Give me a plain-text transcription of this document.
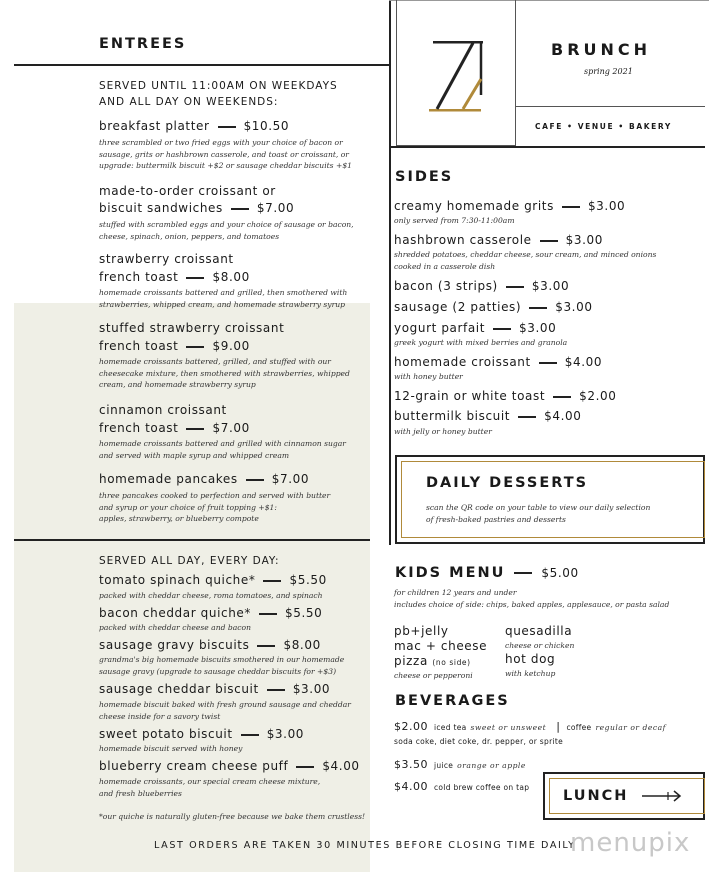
BRUNCH
spring 2021
CAFE • VENUE • BAKERY
ENTREES
SERVED UNTIL 11:00AM ON WEEKDAYS
AND ALL DAY ON WEEKENDS:
breakfast platter	$10.50
three scrambled or two fried eggs with your choice of bacon or
sausage, grits or hashbrown casserole, and toast or croissant, or
upgrade: buttermilk biscuit +$2 or sausage cheddar biscuits +$1
made-to-order croissant or
biscuit sandwiches	$7.00
stuffed with scrambled eggs and your choice of sausage or bacon,
cheese, spinach, onion, peppers, and tomatoes
strawberry croissant
french toast	$8.00
homemade croissants battered and grilled, then smothered with
strawberries, whipped cream, and homemade strawberry syrup
stuffed strawberry croissant
french toast	$9.00
homemade croissants battered, grilled, and stuffed with our
cheesecake mixture, then smothered with strawberries, whipped
cream, and homemade strawberry syrup
cinnamon croissant
french toast	$7.00
homemade croissants battered and grilled with cinnamon sugar
and served with maple syrup and whipped cream
homemade pancakes	$7.00
three pancakes cooked to perfection and served with butter
and syrup or your choice of fruit topping +$1:
apples, strawberry, or blueberry compote
SERVED ALL DAY, EVERY DAY:
tomato spinach quiche*	$5.50
packed with cheddar cheese, roma tomatoes, and spinach
bacon cheddar quiche*	$5.50
packed with cheddar cheese and bacon
sausage gravy biscuits	$8.00
grandma's big homemade biscuits smothered in our homemade
sausage gravy (upgrade to sausage cheddar biscuits for +$3)
sausage cheddar biscuit	$3.00
homemade biscuit baked with fresh ground sausage and cheddar
cheese inside for a savory twist
sweet potato biscuit	$3.00
homemade biscuit served with honey
blueberry cream cheese puff	$4.00
homemade croissants, our special cream cheese mixture,
and fresh blueberries
*our quiche is naturally gluten-free because we bake them crustless!
SIDES
creamy homemade grits	$3.00
only served from 7:30-11:00am
hashbrown casserole	$3.00
shredded potatoes, cheddar cheese, sour cream, and minced onions
cooked in a casserole dish
bacon (3 strips)	$3.00
sausage (2 patties)	$3.00
yogurt parfait	$3.00
greek yogurt with mixed berries and granola
homemade croissant	$4.00
with honey butter
12-grain or white toast	$2.00
buttermilk biscuit	$4.00
with jelly or honey butter
DAILY DESSERTS
scan the QR code on your table to view our daily selection
of fresh-baked pastries and desserts
KIDS MENU	$5.00
for children 12 years and under
includes choice of side: chips, baked apples, applesauce, or pasta salad
pb+jelly
mac + cheese
pizza (no side)
cheese or pepperoni
quesadilla
cheese or chicken
hot dog
with ketchup
BEVERAGES
$2.00 iced tea sweet or unsweet | coffee regular or decaf
soda coke, diet coke, dr. pepper, or sprite
$3.50 juice orange or apple
$4.00 cold brew coffee on tap
LUNCH
LAST ORDERS ARE TAKEN 30 MINUTES BEFORE CLOSING TIME DAILY
menupix
